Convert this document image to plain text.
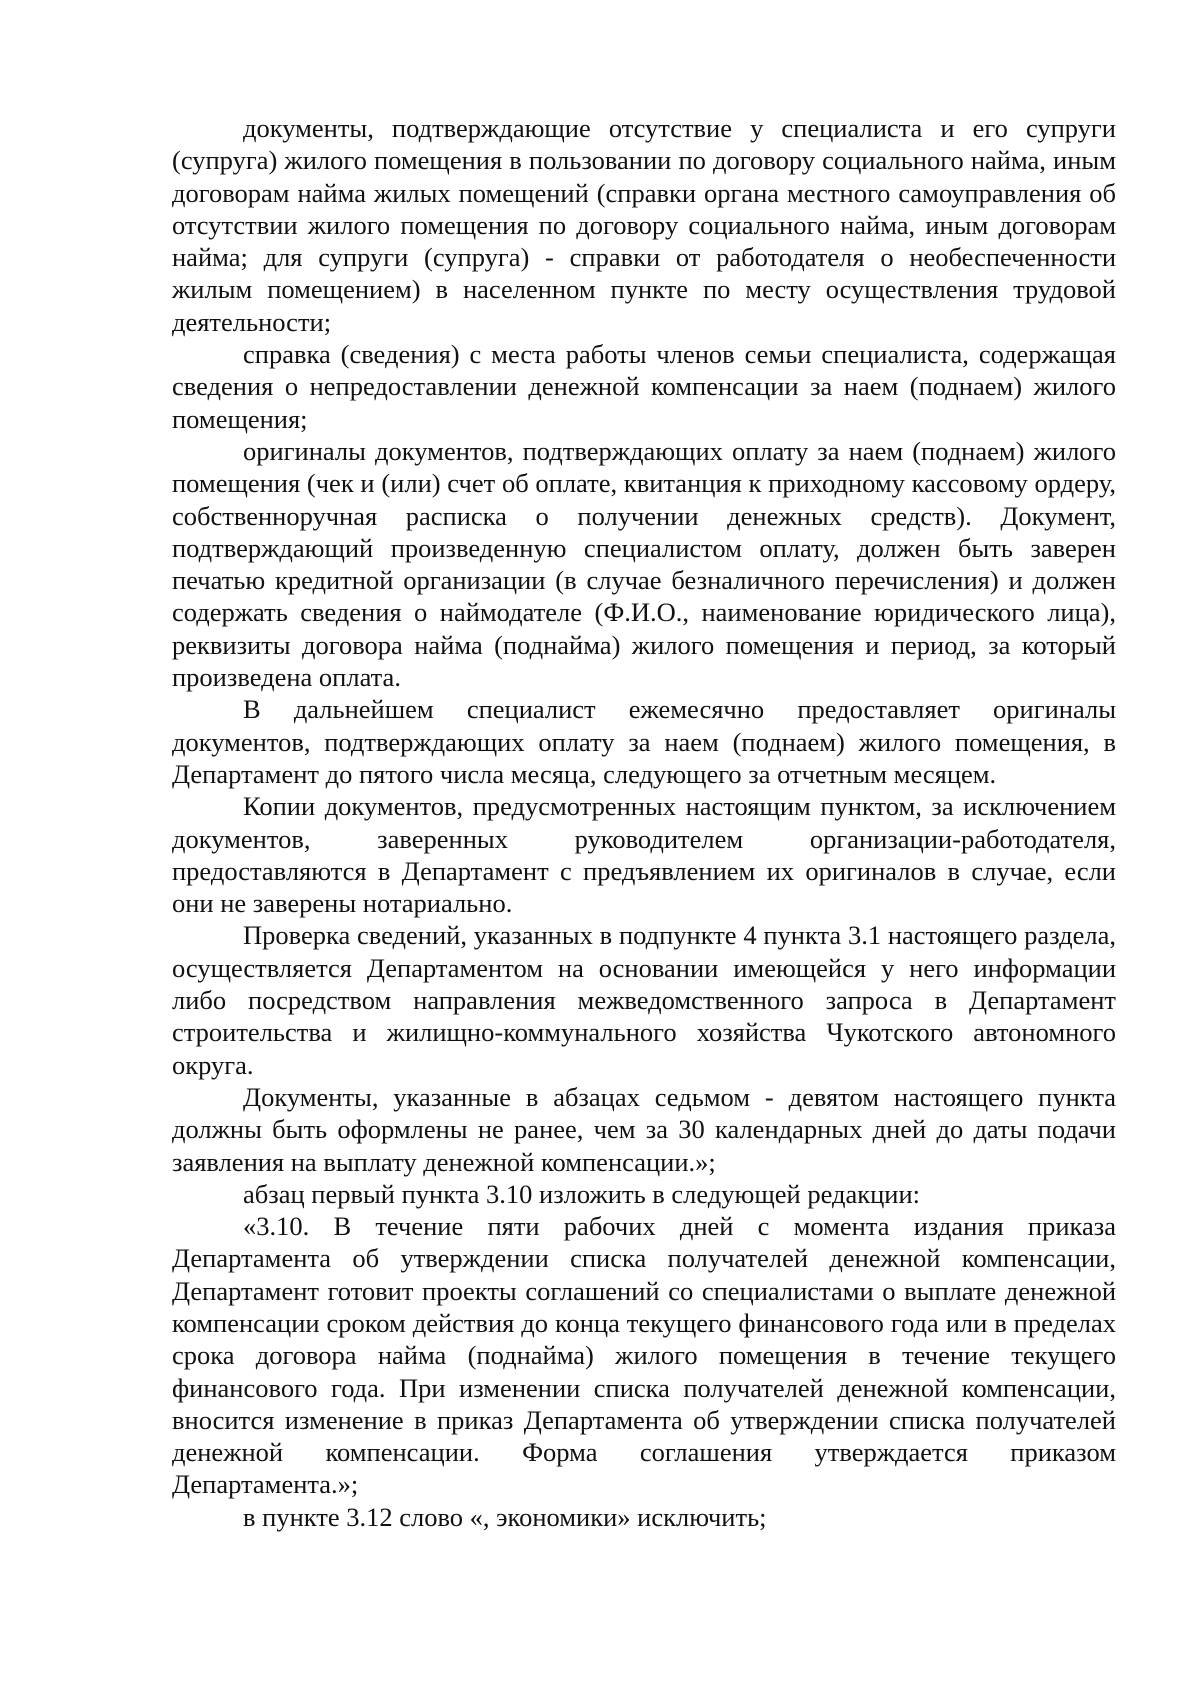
документы, подтверждающие отсутствие у специалиста и его супруги (супруга) жилого помещения в пользовании по договору социального найма, иным договорам найма жилых помещений (справки органа местного самоуправления об отсутствии жилого помещения по договору социального найма, иным договорам найма; для супруги (супруга) - справки от работодателя о необеспеченности жилым помещением) в населенном пункте по месту осуществления трудовой деятельности;

справка (сведения) с места работы членов семьи специалиста, содержащая сведения о непредоставлении денежной компенсации за наем (поднаем) жилого помещения;

оригиналы документов, подтверждающих оплату за наем (поднаем) жилого помещения (чек и (или) счет об оплате, квитанция к приходному кассовому ордеру, собственноручная расписка о получении денежных средств). Документ, подтверждающий произведенную специалистом оплату, должен быть заверен печатью кредитной организации (в случае безналичного перечисления) и должен содержать сведения о наймодателе (Ф.И.О., наименование юридического лица), реквизиты договора найма (поднайма) жилого помещения и период, за который произведена оплата.

В дальнейшем специалист ежемесячно предоставляет оригиналы документов, подтверждающих оплату за наем (поднаем) жилого помещения, в Департамент до пятого числа месяца, следующего за отчетным месяцем.

Копии документов, предусмотренных настоящим пунктом, за исключением документов, заверенных руководителем организации-работодателя, предоставляются в Департамент с предъявлением их оригиналов в случае, если они не заверены нотариально.

Проверка сведений, указанных в подпункте 4 пункта 3.1 настоящего раздела, осуществляется Департаментом на основании имеющейся у него информации либо посредством направления межведомственного запроса в Департамент строительства и жилищно-коммунального хозяйства Чукотского автономного округа.

Документы, указанные в абзацах седьмом - девятом настоящего пункта должны быть оформлены не ранее, чем за 30 календарных дней до даты подачи заявления на выплату денежной компенсации.»;

абзац первый пункта 3.10 изложить в следующей редакции:

«3.10. В течение пяти рабочих дней с момента издания приказа Департамента об утверждении списка получателей денежной компенсации, Департамент готовит проекты соглашений со специалистами о выплате денежной компенсации сроком действия до конца текущего финансового года или в пределах срока договора найма (поднайма) жилого помещения в течение текущего финансового года. При изменении списка получателей денежной компенсации, вносится изменение в приказ Департамента об утверждении списка получателей денежной компенсации. Форма соглашения утверждается приказом Департамента.»;

в пункте 3.12 слово «, экономики» исключить;
